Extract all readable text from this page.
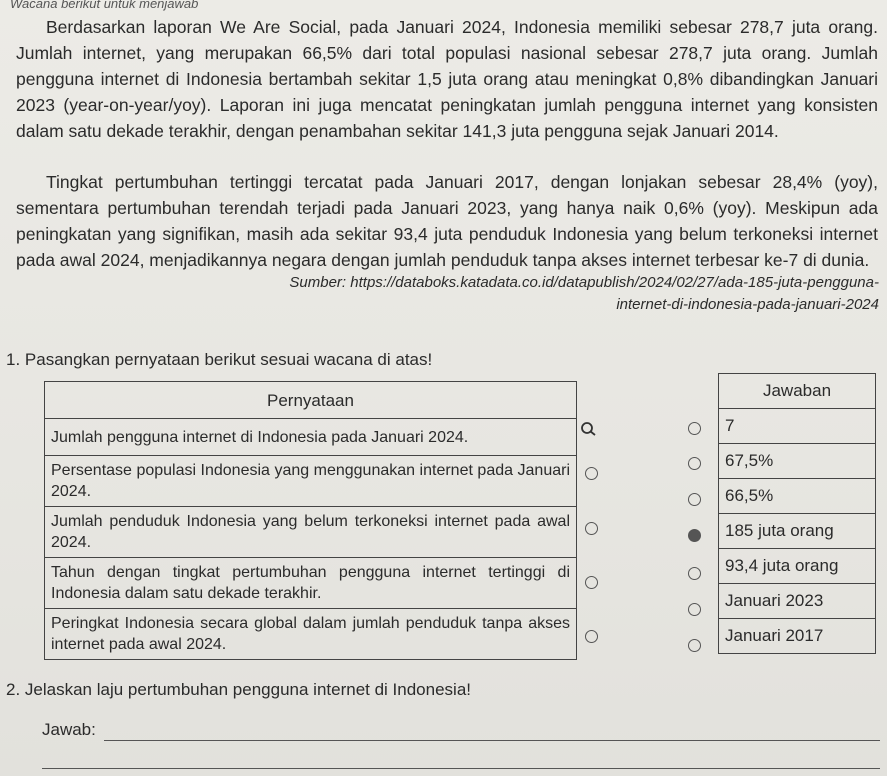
Wacana berikut untuk menjawab

Berdasarkan laporan We Are Social, pada Januari 2024, Indonesia memiliki sebesar 278,7 juta orang. Jumlah internet, yang merupakan 66,5% dari total populasi nasional sebesar 278,7 juta orang. Jumlah pengguna internet di Indonesia bertambah sekitar 1,5 juta orang atau meningkat 0,8% dibandingkan Januari 2023 (year-on-year/yoy). Laporan ini juga mencatat peningkatan jumlah pengguna internet yang konsisten dalam satu dekade terakhir, dengan penambahan sekitar 141,3 juta pengguna sejak Januari 2014.

Tingkat pertumbuhan tertinggi tercatat pada Januari 2017, dengan lonjakan sebesar 28,4% (yoy), sementara pertumbuhan terendah terjadi pada Januari 2023, yang hanya naik 0,6% (yoy). Meskipun ada peningkatan yang signifikan, masih ada sekitar 93,4 juta penduduk Indonesia yang belum terkoneksi internet pada awal 2024, menjadikannya negara dengan jumlah penduduk tanpa akses internet terbesar ke-7 di dunia.

Sumber: https://databoks.katadata.co.id/datapublish/2024/02/27/ada-185-juta-pengguna-internet-di-indonesia-pada-januari-2024
1. Pasangkan pernyataan berikut sesuai wacana di atas!
Pernyataan
Jumlah pengguna internet di Indonesia pada Januari 2024.
Persentase populasi Indonesia yang menggunakan internet pada Januari 2024.
Jumlah penduduk Indonesia yang belum terkoneksi internet pada awal 2024.
Tahun dengan tingkat pertumbuhan pengguna internet tertinggi di Indonesia dalam satu dekade terakhir.
Peringkat Indonesia secara global dalam jumlah penduduk tanpa akses internet pada awal 2024.
Jawaban
7
67,5%
66,5%
185 juta orang
93,4 juta orang
Januari 2023
Januari 2017
2. Jelaskan laju pertumbuhan pengguna internet di Indonesia!
Jawab:
